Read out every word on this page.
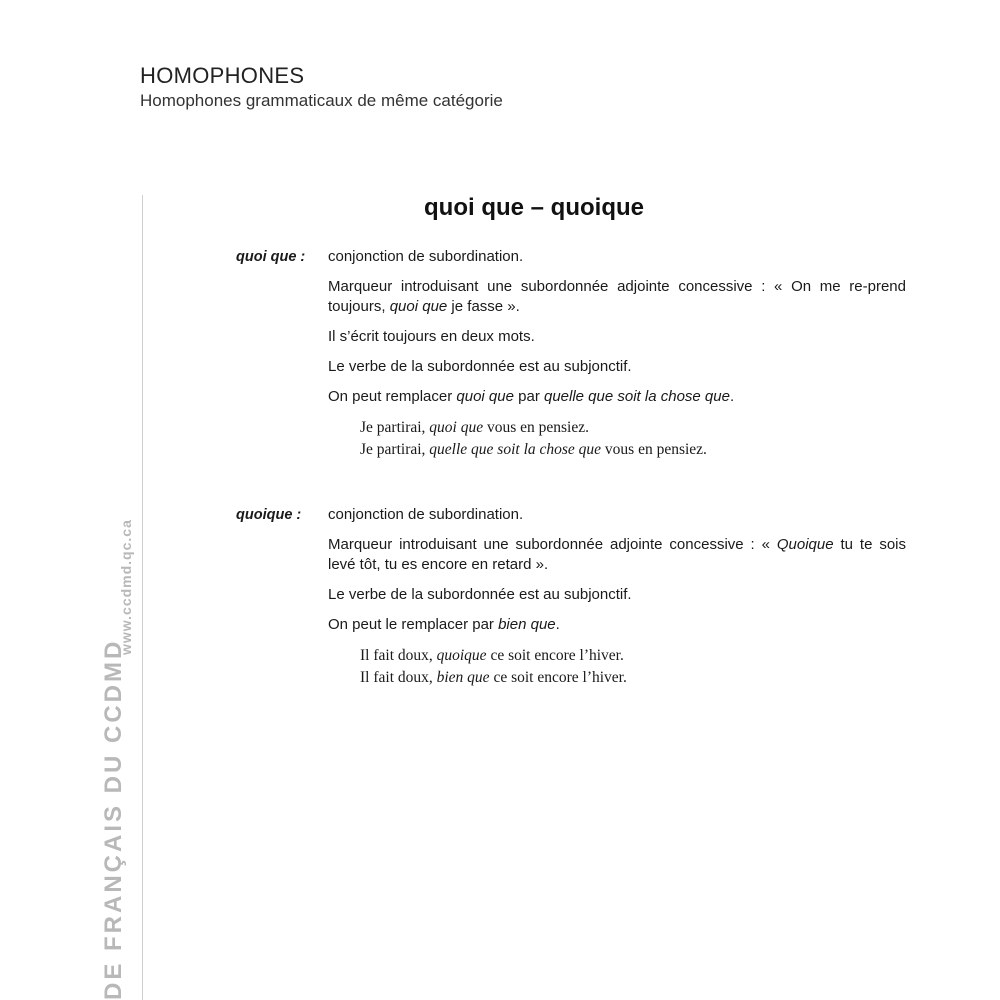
HOMOPHONES
Homophones grammaticaux de même catégorie
DE FRANÇAIS DU CCDMD
www.ccdmd.qc.ca
quoi que – quoique
quoi que : conjonction de subordination.

Marqueur introduisant une subordonnée adjointe concessive : « On me re-prend toujours, quoi que je fasse ».

Il s’écrit toujours en deux mots.

Le verbe de la subordonnée est au subjonctif.

On peut remplacer quoi que par quelle que soit la chose que.

Je partirai, quoi que vous en pensiez.
Je partirai, quelle que soit la chose que vous en pensiez.
quoique : conjonction de subordination.

Marqueur introduisant une subordonnée adjointe concessive : « Quoique tu te sois levé tôt, tu es encore en retard ».

Le verbe de la subordonnée est au subjonctif.

On peut le remplacer par bien que.

Il fait doux, quoique ce soit encore l’hiver.
Il fait doux, bien que ce soit encore l’hiver.
